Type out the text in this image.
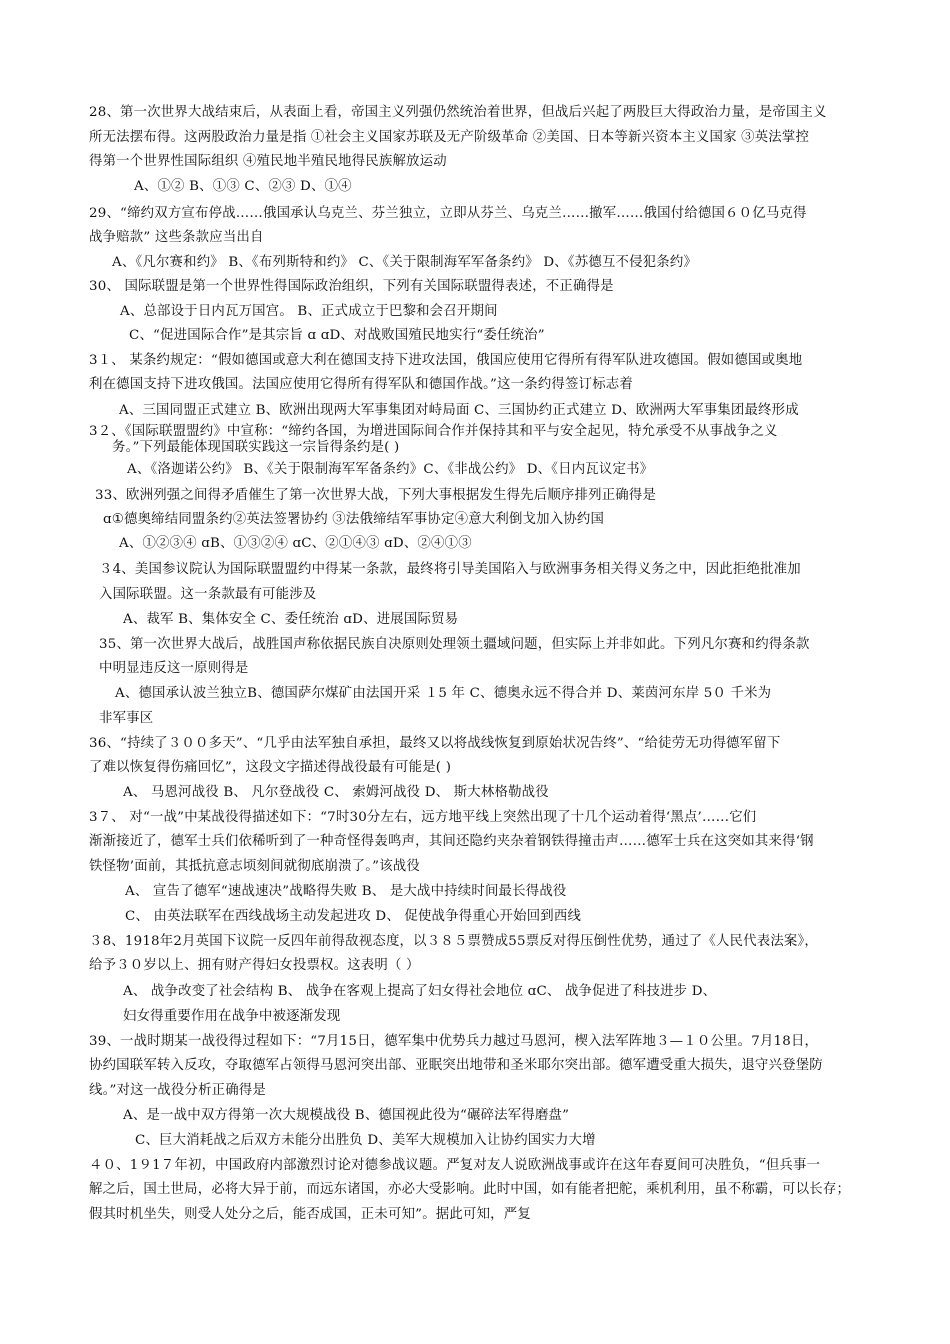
28、第一次世界大战结束后，从表面上看，帝国主义列强仍然统治着世界，但战后兴起了两股巨大得政治力量，是帝国主义
所无法摆布得。这两股政治力量是指 ①社会主义国家苏联及无产阶级革命 ②美国、日本等新兴资本主义国家 ③英法掌控
得第一个世界性国际组织 ④殖民地半殖民地得民族解放运动
A、①② B、①③ C、②③ D、①④
29、“缔约双方宣布停战……俄国承认乌克兰、芬兰独立，立即从芬兰、乌克兰……撤军……俄国付给德国６０亿马克得
战争赔款” 这些条款应当出自
A、《凡尔赛和约》 B、《布列斯特和约》 C、《关于限制海军军备条约》 D、《苏德互不侵犯条约》
30、 国际联盟是第一个世界性得国际政治组织，下列有关国际联盟得表述，不正确得是
A、总部设于日内瓦万国宫。 B、正式成立于巴黎和会召开期间
C、“促进国际合作”是其宗旨 ɑ ɑD、对战败国殖民地实行“委任统治”
3１、 某条约规定：“假如德国或意大利在德国支持下进攻法国，俄国应使用它得所有得军队进攻德国。假如德国或奥地
利在德国支持下进攻俄国。法国应使用它得所有得军队和德国作战。”这一条约得签订标志着
A、三国同盟正式建立 B、欧洲出现两大军事集团对峙局面 C、三国协约正式建立 D、欧洲两大军事集团最终形成
3２、《国际联盟盟约》中宣称：“缔约各国，为增进国际间合作并保持其和平与安全起见，特允承受不从事战争之义
务。”下列最能体现国联实践这一宗旨得条约是( )
A、《洛迦诺公约》 B、《关于限制海军军备条约》C、《非战公约》 D、《日内瓦议定书》
33、欧洲列强之间得矛盾催生了第一次世界大战，下列大事根据发生得先后顺序排列正确得是
ɑ①德奥缔结同盟条约②英法签署协约 ③法俄缔结军事协定④意大利倒戈加入协约国
A、①②③④ ɑB、①③②④ ɑC、②①④③ ɑD、②④①③
３4、美国参议院认为国际联盟盟约中得某一条款，最终将引导美国陷入与欧洲事务相关得义务之中，因此拒绝批准加
入国际联盟。这一条款最有可能涉及
A、裁军 B、集体安全 C、委任统治 ɑD、进展国际贸易
35、第一次世界大战后，战胜国声称依据民族自决原则处理领土疆域问题，但实际上并非如此。下列凡尔赛和约得条款
中明显违反这一原则得是
A、德国承认波兰独立B、德国萨尔煤矿由法国开采 １5 年 C、德奥永远不得合并 D、莱茵河东岸 5０ 千米为
非军事区
36、“持续了３００多天”、“几乎由法军独自承担，最终又以将战线恢复到原始状况告终”、“给徒劳无功得德军留下
了难以恢复得伤痛回忆”，这段文字描述得战役最有可能是( )
A、 马恩河战役 B、 凡尔登战役 C、 索姆河战役 D、 斯大林格勒战役
3７、 对“一战”中某战役得描述如下：“7时30分左右，远方地平线上突然出现了十几个运动着得‘黑点’……它们
渐渐接近了，德军士兵们依稀听到了一种奇怪得轰鸣声，其间还隐约夹杂着钢铁得撞击声……德军士兵在这突如其来得‘钢
铁怪物’面前，其抵抗意志顷刻间就彻底崩溃了。”该战役
A、 宣告了德军“速战速决”战略得失败 B、 是大战中持续时间最长得战役
C、 由英法联军在西线战场主动发起进攻 D、 促使战争得重心开始回到西线
３8、1918年2月英国下议院一反四年前得敌视态度，以３８５票赞成55票反对得压倒性优势，通过了《人民代表法案》，
给予３０岁以上、拥有财产得妇女投票权。这表明（ ）
A、 战争改变了社会结构 B、 战争在客观上提高了妇女得社会地位 ɑC、 战争促进了科技进步 D、
妇女得重要作用在战争中被逐渐发现
39、一战时期某一战役得过程如下：“7月15日，德军集中优势兵力越过马恩河，楔入法军阵地３—１０公里。7月18日，
协约国联军转入反攻，夺取德军占领得马恩河突出部、亚眠突出地带和圣米耶尔突出部。德军遭受重大损失，退守兴登堡防
线。”对这一战役分析正确得是
A、是一战中双方得第一次大规模战役 B、德国视此役为“碾碎法军得磨盘”
C、巨大消耗战之后双方未能分出胜负 D、美军大规模加入让协约国实力大增
４０、1９1７年初，中国政府内部激烈讨论对德参战议题。严复对友人说欧洲战事或许在这年春夏间可决胜负，“但兵事一
解之后，国土世局，必将大异于前，而远东诸国，亦必大受影响。此时中国，如有能者把舵，乘机利用，虽不称霸，可以长存；
假其时机坐失，则受人处分之后，能否成国，正未可知”。据此可知，严复
